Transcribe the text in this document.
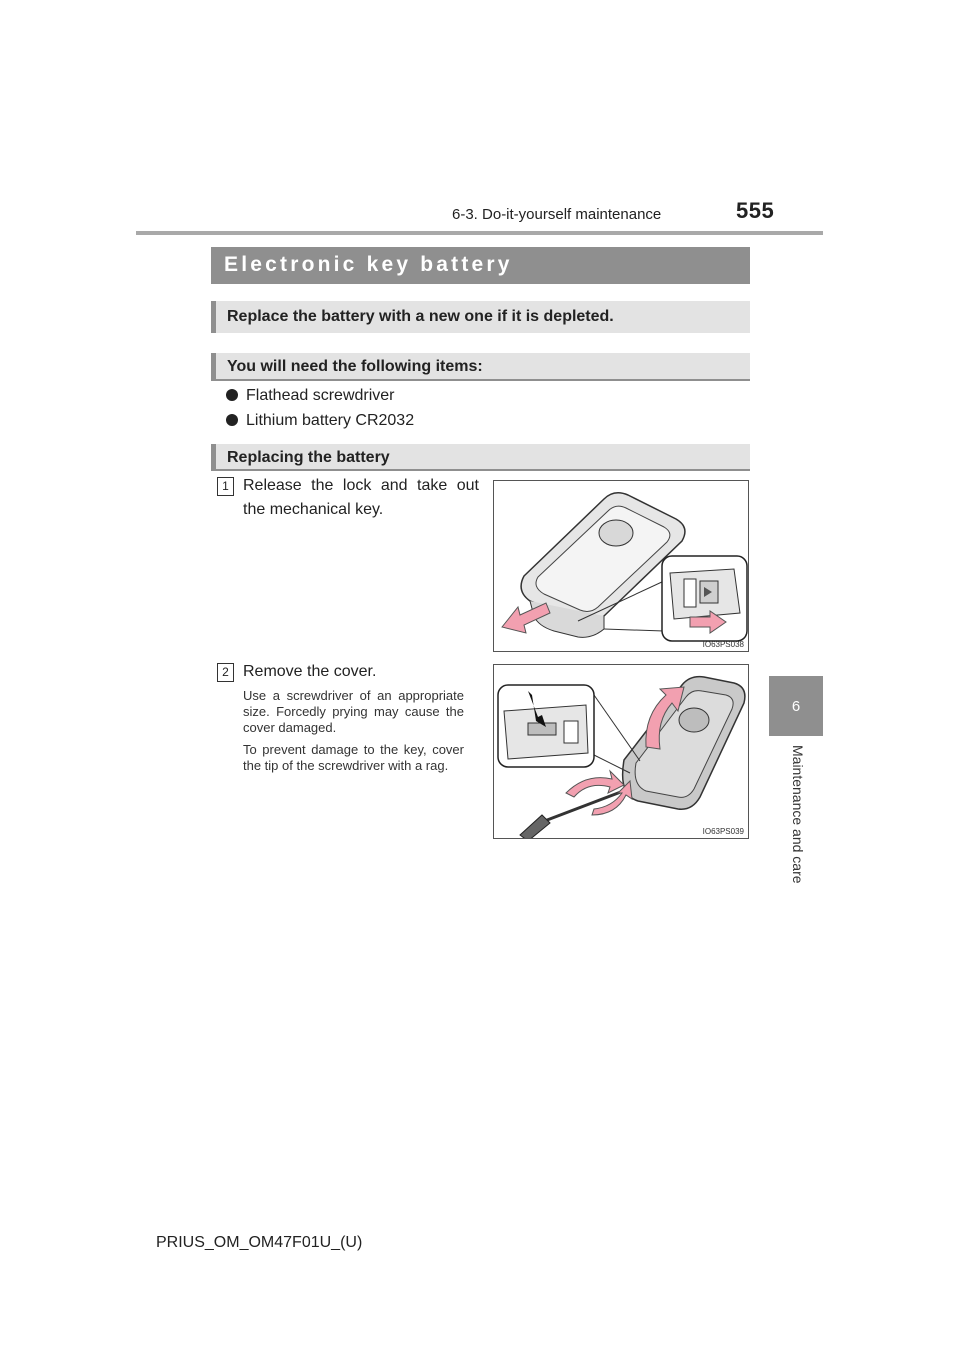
6-3. Do-it-yourself maintenance	555
6
Maintenance and care
Electronic key battery
Replace the battery with a new one if it is depleted.
You will need the following items:
Flathead screwdriver
Lithium battery CR2032
Replacing the battery
1 Release the lock and take out the mechanical key.
IO63PS038
2 Remove the cover.
Use a screwdriver of an appropriate size. Forcedly prying may cause the cover damaged.
To prevent damage to the key, cover the tip of the screwdriver with a rag.
IO63PS039
PRIUS_OM_OM47F01U_(U)
